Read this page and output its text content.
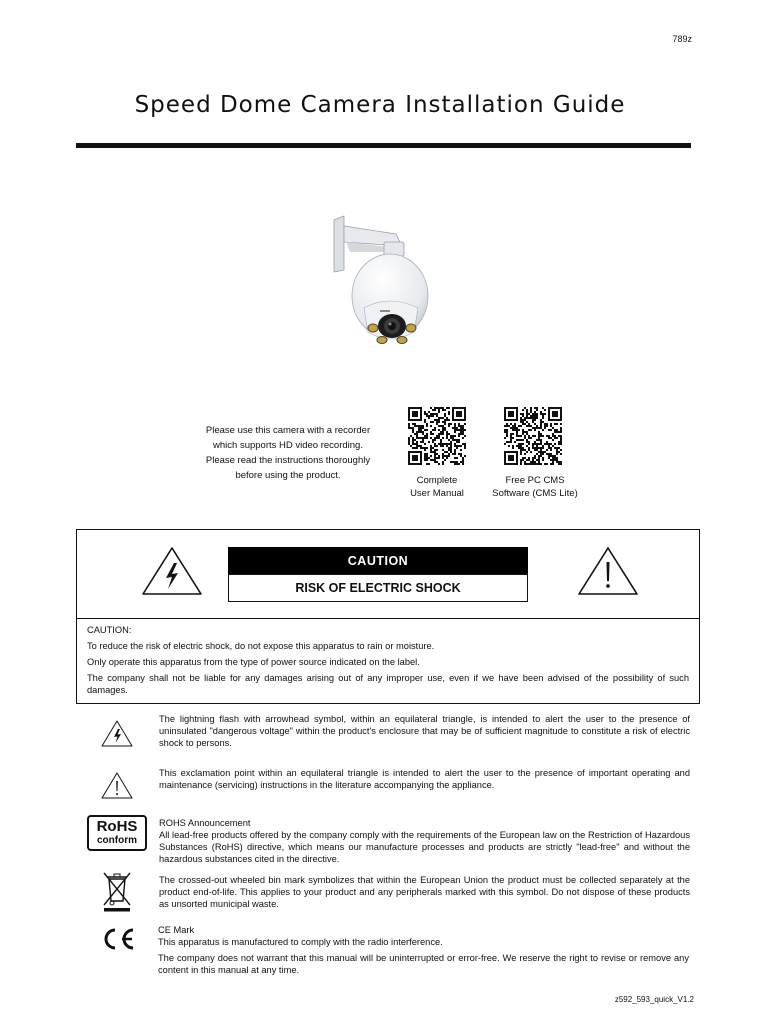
789z
Speed Dome Camera Installation Guide
Please use this camera with a recorder
which supports HD video recording.
Please read the instructions thoroughly
before using the product.	Complete
User Manual
Free PC CMS
Software (CMS Lite)
CAUTION
RISK OF ELECTRIC SHOCK

CAUTION:

To reduce the risk of electric shock, do not expose this apparatus to rain or moisture.

Only operate this apparatus from the type of power source indicated on the label.

The company shall not be liable for any damages arising out of any improper use, even if we have been advised of the possibility of such damages.

The lightning flash with arrowhead symbol, within an equilateral triangle, is intended to alert the user to the presence of uninsulated "dangerous voltage" within the product's enclosure that may be of sufficient magnitude to constitute a risk of electric shock to persons.

This exclamation point within an equilateral triangle is intended to alert the user to the presence of important operating and maintenance (servicing) instructions in the literature accompanying the appliance.

RoHS
conform

ROHS Announcement

All lead-free products offered by the company comply with the requirements of the European law on the Restriction of Hazardous Substances (RoHS) directive, which means our manufacture processes and products are strictly "lead-free" and without the hazardous substances cited in the directive.

The crossed-out wheeled bin mark symbolizes that within the European Union the product must be collected separately at the product end-of-life. This applies to your product and any peripherals marked with this symbol. Do not dispose of these products as unsorted municipal waste.

CE Mark

This apparatus is manufactured to comply with the radio interference.

The company does not warrant that this manual will be uninterrupted or error-free. We reserve the right to revise or remove any content in this manual at any time.

z592_593_quick_V1.2
